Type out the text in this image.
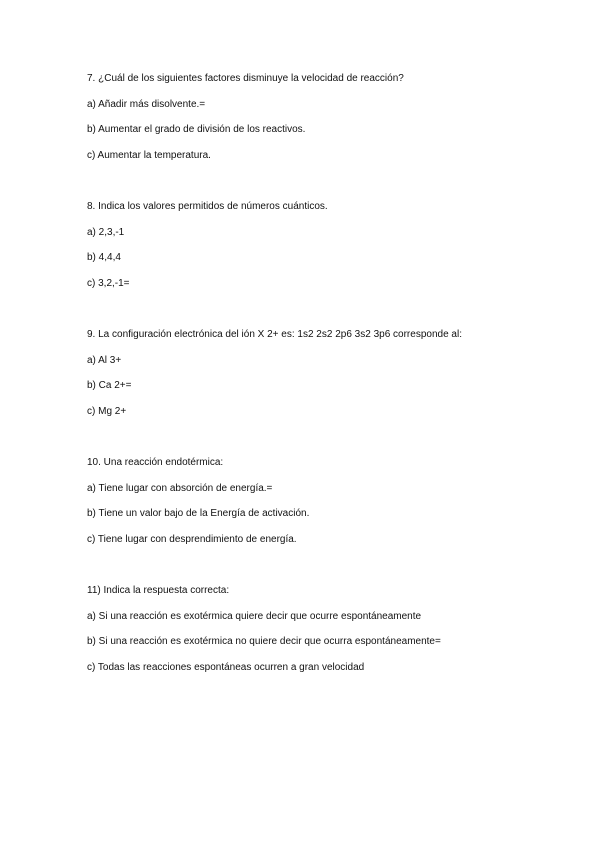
7. ¿Cuál de los siguientes factores disminuye la velocidad de reacción?
a) Añadir más disolvente.=
b) Aumentar el grado de división de los reactivos.
c) Aumentar la temperatura.
8. Indica los valores permitidos de números cuánticos.
a) 2,3,-1
b) 4,4,4
c) 3,2,-1=
9. La configuración electrónica del ión X 2+ es: 1s2 2s2 2p6 3s2 3p6 corresponde al:
a) Al 3+
b) Ca 2+=
c) Mg 2+
10. Una reacción endotérmica:
a) Tiene lugar con absorción de energía.=
b) Tiene un valor bajo de la Energía de activación.
c) Tiene lugar con desprendimiento de energía.
11) Indica la respuesta correcta:
a) Si una reacción es exotérmica quiere decir que ocurre espontáneamente
b) Si una reacción es exotérmica no quiere decir que ocurra espontáneamente=
c) Todas las reacciones espontáneas ocurren a gran velocidad
